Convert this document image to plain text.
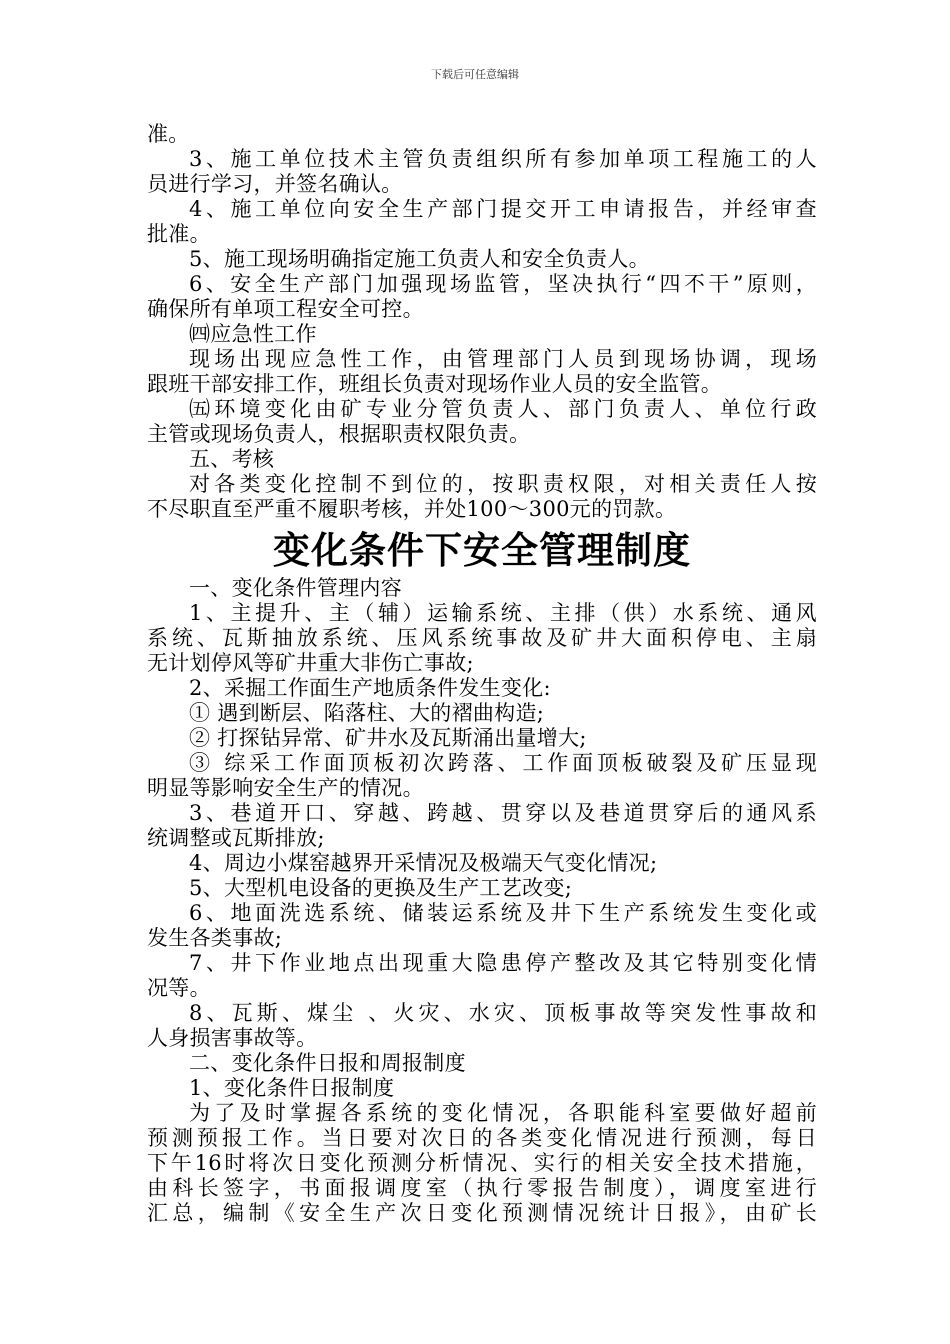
下载后可任意编辑
准。
3、施工单位技术主管负责组织所有参加单项工程施工的人
员进行学习，并签名确认。
4、施工单位向安全生产部门提交开工申请报告，并经审查
批准。
5、施工现场明确指定施工负责人和安全负责人。
6、安全生产部门加强现场监管，坚决执行“四不干”原则，
确保所有单项工程安全可控。
㈣应急性工作
现场出现应急性工作，由管理部门人员到现场协调，现场
跟班干部安排工作，班组长负责对现场作业人员的安全监管。
㈤环境变化由矿专业分管负责人、部门负责人、单位行政
主管或现场负责人，根据职责权限负责。
五、考核
对各类变化控制不到位的，按职责权限，对相关责任人按
不尽职直至严重不履职考核，并处100～300元的罚款。
变化条件下安全管理制度
一、变化条件管理内容
1、主提升、主（辅）运输系统、主排（供）水系统、通风
系统、瓦斯抽放系统、压风系统事故及矿井大面积停电、主扇
无计划停风等矿井重大非伤亡事故;
2、采掘工作面生产地质条件发生变化:
① 遇到断层、陷落柱、大的褶曲构造;
② 打探钻异常、矿井水及瓦斯涌出量增大;
③ 综采工作面顶板初次跨落、工作面顶板破裂及矿压显现
明显等影响安全生产的情况。
3、巷道开口、穿越、跨越、贯穿以及巷道贯穿后的通风系
统调整或瓦斯排放;
4、周边小煤窑越界开采情况及极端天气变化情况;
5、大型机电设备的更换及生产工艺改变;
6、地面洗选系统、储装运系统及井下生产系统发生变化或
发生各类事故;
7、井下作业地点出现重大隐患停产整改及其它特别变化情
况等。
8、瓦斯、煤尘 、火灾、水灾、顶板事故等突发性事故和
人身损害事故等。
二、变化条件日报和周报制度
1、变化条件日报制度
为了及时掌握各系统的变化情况，各职能科室要做好超前
预测预报工作。当日要对次日的各类变化情况进行预测，每日
下午16时将次日变化预测分析情况、实行的相关安全技术措施，
由科长签字，书面报调度室（执行零报告制度），调度室进行
汇总，编制《安全生产次日变化预测情况统计日报》，由矿长
